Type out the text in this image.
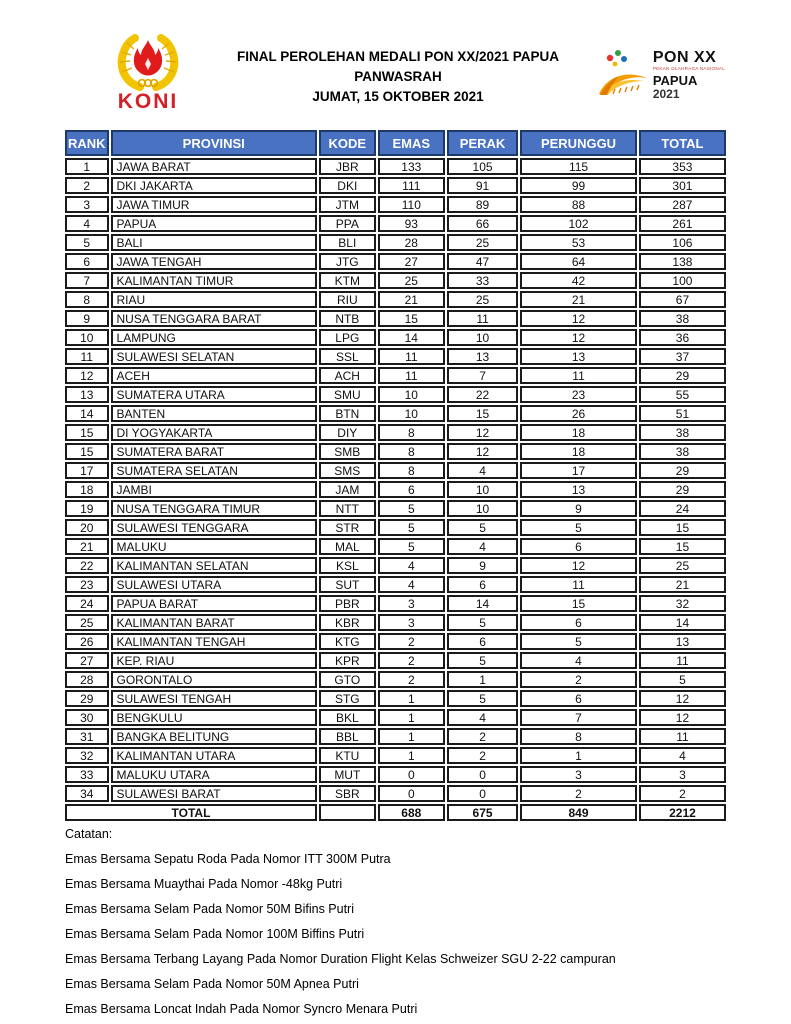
KONI
FINAL PEROLEHAN MEDALI PON XX/2021 PAPUA
PANWASRAH
JUMAT, 15 OKTOBER 2021
PON XX
PEKAN OLAHRAGA NASIONAL
PAPUA
2021
RANK	PROVINSI	KODE	EMAS	PERAK	PERUNGGU	TOTAL
1	JAWA BARAT	JBR	133	105	115	353
2	DKI JAKARTA	DKI	111	91	99	301
3	JAWA TIMUR	JTM	110	89	88	287
4	PAPUA	PPA	93	66	102	261
5	BALI	BLI	28	25	53	106
6	JAWA TENGAH	JTG	27	47	64	138
7	KALIMANTAN TIMUR	KTM	25	33	42	100
8	RIAU	RIU	21	25	21	67
9	NUSA TENGGARA BARAT	NTB	15	11	12	38
10	LAMPUNG	LPG	14	10	12	36
11	SULAWESI SELATAN	SSL	11	13	13	37
12	ACEH	ACH	11	7	11	29
13	SUMATERA UTARA	SMU	10	22	23	55
14	BANTEN	BTN	10	15	26	51
15	DI YOGYAKARTA	DIY	8	12	18	38
15	SUMATERA BARAT	SMB	8	12	18	38
17	SUMATERA SELATAN	SMS	8	4	17	29
18	JAMBI	JAM	6	10	13	29
19	NUSA TENGGARA TIMUR	NTT	5	10	9	24
20	SULAWESI TENGGARA	STR	5	5	5	15
21	MALUKU	MAL	5	4	6	15
22	KALIMANTAN SELATAN	KSL	4	9	12	25
23	SULAWESI UTARA	SUT	4	6	11	21
24	PAPUA BARAT	PBR	3	14	15	32
25	KALIMANTAN BARAT	KBR	3	5	6	14
26	KALIMANTAN TENGAH	KTG	2	6	5	13
27	KEP. RIAU	KPR	2	5	4	11
28	GORONTALO	GTO	2	1	2	5
29	SULAWESI TENGAH	STG	1	5	6	12
30	BENGKULU	BKL	1	4	7	12
31	BANGKA BELITUNG	BBL	1	2	8	11
32	KALIMANTAN UTARA	KTU	1	2	1	4
33	MALUKU UTARA	MUT	0	0	3	3
34	SULAWESI BARAT	SBR	0	0	2	2
TOTAL			688	675	849	2212
Catatan:
Emas Bersama Sepatu Roda Pada Nomor ITT 300M Putra
Emas Bersama Muaythai Pada Nomor -48kg Putri
Emas Bersama Selam Pada Nomor 50M Bifins Putri
Emas Bersama Selam Pada Nomor 100M Biffins Putri
Emas Bersama Terbang Layang Pada Nomor Duration Flight Kelas Schweizer SGU 2-22 campuran
Emas Bersama Selam Pada Nomor 50M Apnea Putri
Emas Bersama Loncat Indah Pada Nomor Syncro Menara Putri
